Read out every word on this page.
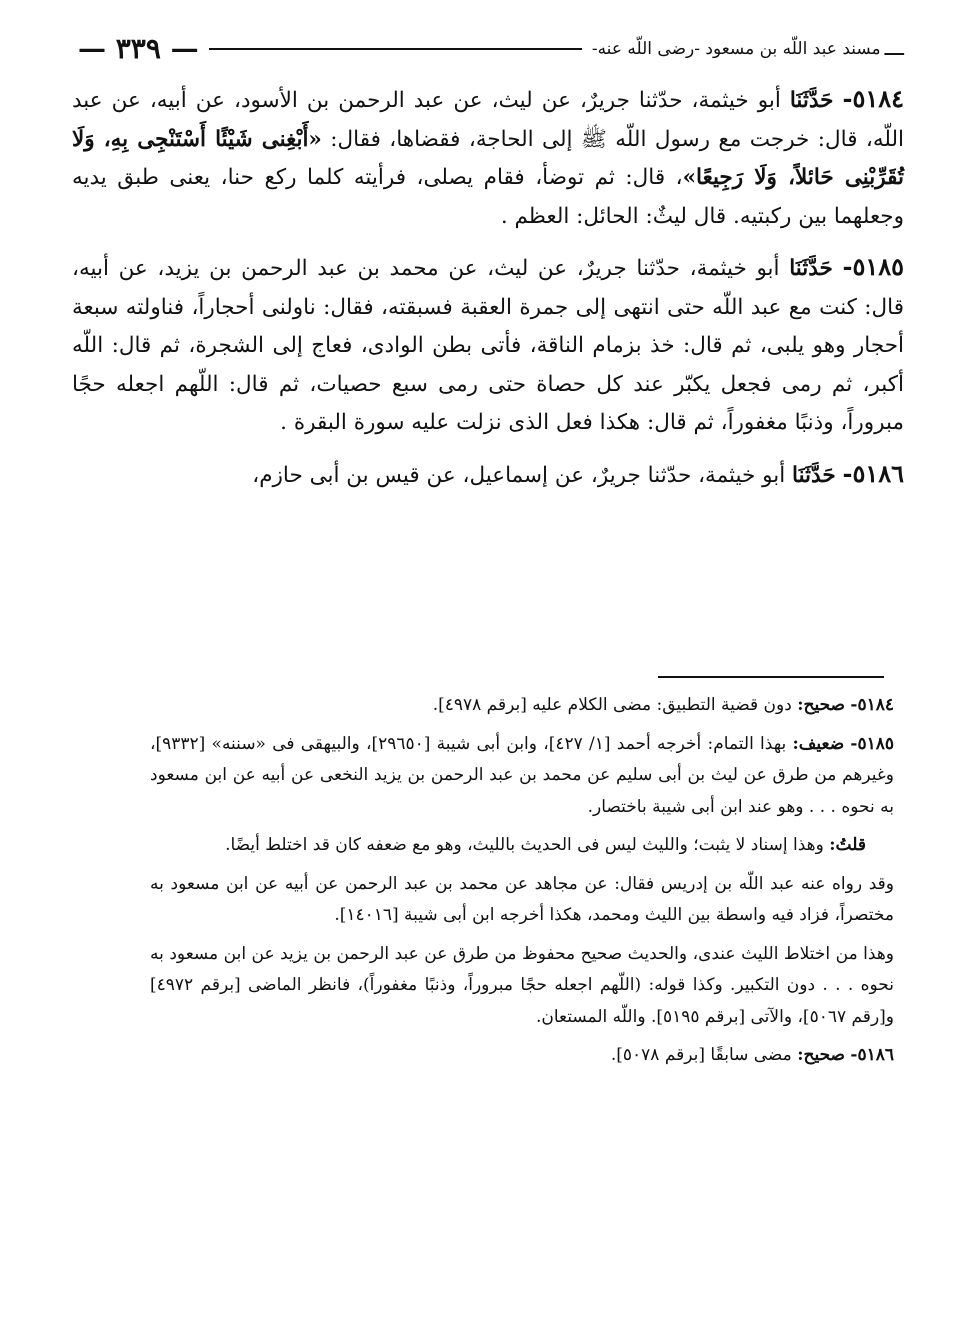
ـــ
مسند عبد اللّه بن مسعود -رضى اللّه عنه-
— ٣٣٩ —

٥١٨٤- حَدَّثَنَا أبو خيثمة، حدّثنا جريرٌ، عن ليث، عن عبد الرحمن بن الأسود، عن أبيه، عن عبد اللّه، قال: خرجت مع رسول اللّه ﷺ إلى الحاجة، فقضاها، فقال: «أَبْغِنى شَيْئًا أَسْتَنْجِى بِهِ، وَلَا تُقَرِّبْنِى حَائلاً، وَلَا رَجِيعًا»، قال: ثم توضأ، فقام يصلى، فرأيته كلما ركع حنا، يعنى طبق يديه وجعلهما بين ركبتيه. قال ليثٌ: الحائل: العظم .

٥١٨٥- حَدَّثَنَا أبو خيثمة، حدّثنا جريرٌ، عن ليث، عن محمد بن عبد الرحمن بن يزيد، عن أبيه، قال: كنت مع عبد اللّه حتى انتهى إلى جمرة العقبة فسبقته، فقال: ناولنى أحجاراً، فناولته سبعة أحجار وهو يلبى، ثم قال: خذ بزمام الناقة، فأتى بطن الوادى، فعاج إلى الشجرة، ثم قال: اللّه أكبر، ثم رمى فجعل يكبّر عند كل حصاة حتى رمى سبع حصيات، ثم قال: اللّهم اجعله حجًا مبروراً، وذنبًا مغفوراً، ثم قال: هكذا فعل الذى نزلت عليه سورة البقرة .

٥١٨٦- حَدَّثَنَا أبو خيثمة، حدّثنا جريرٌ، عن إسماعيل، عن قيس بن أبى حازم،

٥١٨٤- صحيح: دون قضية التطبيق: مضى الكلام عليه [برقم ٤٩٧٨].

٥١٨٥- ضعيف: بهذا التمام: أخرجه أحمد [١/ ٤٢٧]، وابن أبى شيبة [٢٩٦٥٠]، والبيهقى فى «سننه» [٩٣٣٢]، وغيرهم من طرق عن ليث بن أبى سليم عن محمد بن عبد الرحمن بن يزيد النخعى عن أبيه عن ابن مسعود به نحوه . . . وهو عند ابن أبى شيبة باختصار.

قلتُ: وهذا إسناد لا يثبت؛ والليث ليس فى الحديث بالليث، وهو مع ضعفه كان قد اختلط أيضًا.

وقد رواه عنه عبد اللّه بن إدريس فقال: عن مجاهد عن محمد بن عبد الرحمن عن أبيه عن ابن مسعود به مختصراً، فزاد فيه واسطة بين الليث ومحمد، هكذا أخرجه ابن أبى شيبة [١٤٠١٦].

وهذا من اختلاط الليث عندى، والحديث صحيح محفوظ من طرق عن عبد الرحمن بن يزيد عن ابن مسعود به نحوه . . . دون التكبير. وكذا قوله: (اللّهم اجعله حجًا مبروراً، وذنبًا مغفوراً)، فانظر الماضى [برقم ٤٩٧٢] و[رقم ٥٠٦٧]، والآتى [برقم ٥١٩٥]. واللّه المستعان.

٥١٨٦- صحيح: مضى سابقًا [برقم ٥٠٧٨].
